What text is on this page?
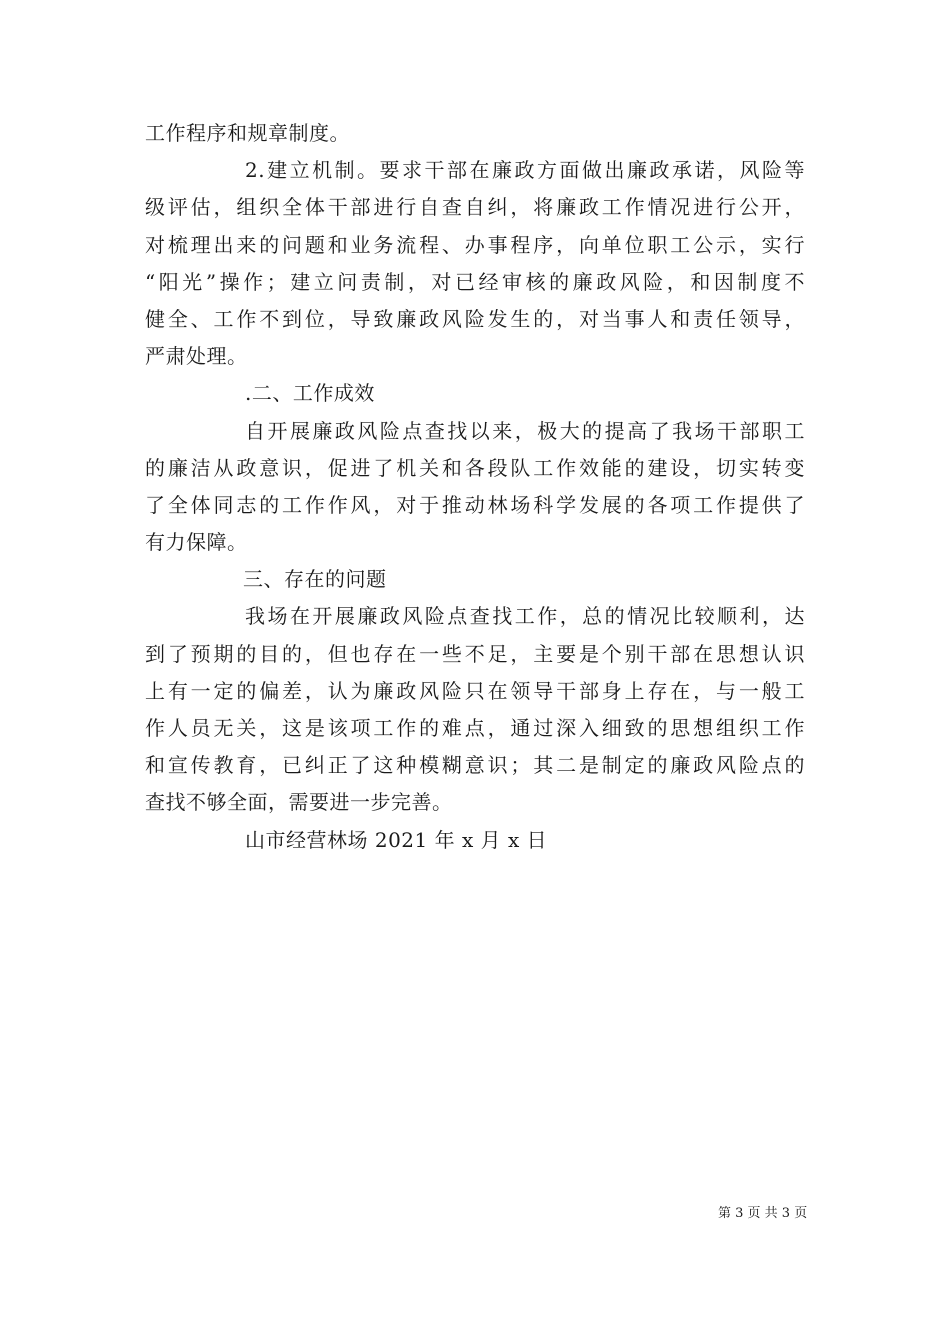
工作程序和规章制度。
2.建立机制。要求干部在廉政方面做出廉政承诺，风险等
级评估，组织全体干部进行自查自纠，将廉政工作情况进行公开，
对梳理出来的问题和业务流程、办事程序，向单位职工公示，实行
“阳光”操作；建立问责制，对已经审核的廉政风险，和因制度不
健全、工作不到位，导致廉政风险发生的，对当事人和责任领导，
严肃处理。
.二、工作成效
自开展廉政风险点查找以来，极大的提高了我场干部职工
的廉洁从政意识，促进了机关和各段队工作效能的建设，切实转变
了全体同志的工作作风，对于推动林场科学发展的各项工作提供了
有力保障。
三、存在的问题
我场在开展廉政风险点查找工作，总的情况比较顺利，达
到了预期的目的，但也存在一些不足，主要是个别干部在思想认识
上有一定的偏差，认为廉政风险只在领导干部身上存在，与一般工
作人员无关，这是该项工作的难点，通过深入细致的思想组织工作
和宣传教育，已纠正了这种模糊意识；其二是制定的廉政风险点的
查找不够全面，需要进一步完善。
山市经营林场 2021 年 x 月 x 日
第 3 页 共 3 页
